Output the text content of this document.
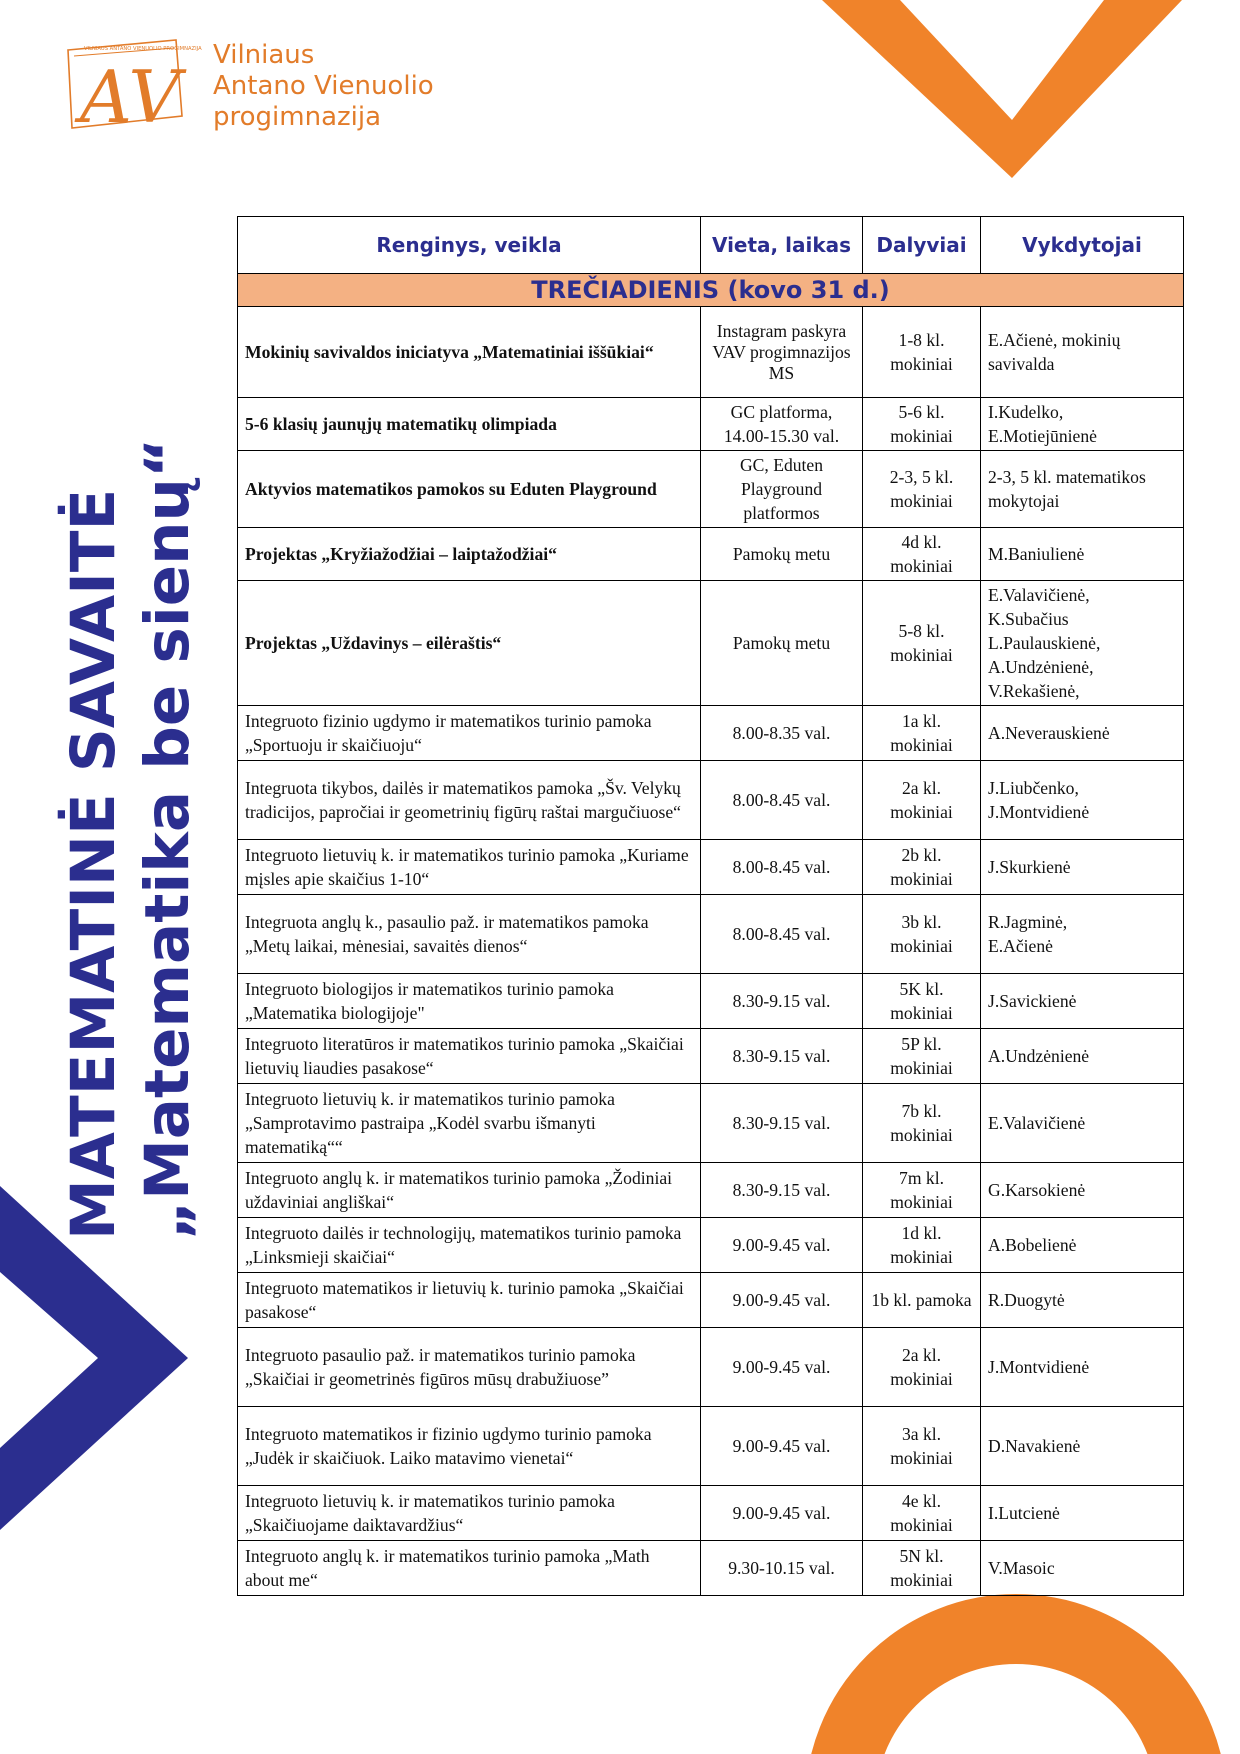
VILNIAUS ANTANO VIENUOLIO PROGIMNAZIJA
AV Vilniaus
Antano Vienuolio
progimnazija
MATEMATINĖ SAVAITĖ „Matematika be sienų“
Renginys, veikla	Vieta, laikas	Dalyviai	Vykdytojai
TREČIADIENIS (kovo 31 d.)			
Mokinių savivaldos iniciatyva „Matematiniai iššūkiai“	Instagram paskyra VAV progimnazijos MS	1-8 kl. mokiniai	E.Ačienė, mokinių savivalda
5-6 klasių jaunųjų matematikų olimpiada	GC platforma, 14.00-15.30 val.	5-6 kl. mokiniai	I.Kudelko, E.Motiejūnienė
Aktyvios matematikos pamokos su Eduten Playground	GC, Eduten Playground platformos	2-3, 5 kl. mokiniai	2-3, 5 kl. matematikos mokytojai
Projektas „Kryžiažodžiai – laiptažodžiai“	Pamokų metu	4d kl. mokiniai	M.Baniulienė
Projektas „Uždavinys – eilėraštis“	Pamokų metu	5-8 kl. mokiniai	E.Valavičienė,
K.Subačius
L.Paulauskienė,
A.Undzėnienė,
V.Rekašienė,
Integruoto fizinio ugdymo ir matematikos turinio pamoka „Sportuoju ir skaičiuoju“	8.00-8.35 val.	1a kl. mokiniai	A.Neverauskienė
Integruota tikybos, dailės ir matematikos pamoka „Šv. Velykų tradicijos, papročiai ir geometrinių figūrų raštai margučiuose“	8.00-8.45 val.	2a kl. mokiniai	J.Liubčenko,
J.Montvidienė
Integruoto lietuvių k. ir matematikos turinio pamoka „Kuriame mįsles apie skaičius 1-10“	8.00-8.45 val.	2b kl. mokiniai	J.Skurkienė
Integruota anglų k., pasaulio paž. ir matematikos pamoka „Metų laikai, mėnesiai, savaitės dienos“	8.00-8.45 val.	3b kl. mokiniai	R.Jagminė,
E.Ačienė
Integruoto biologijos ir matematikos turinio pamoka „Matematika biologijoje"	8.30-9.15 val.	5K kl. mokiniai	J.Savickienė
Integruoto literatūros ir matematikos turinio pamoka „Skaičiai lietuvių liaudies pasakose“	8.30-9.15 val.	5P kl. mokiniai	A.Undzėnienė
Integruoto lietuvių k. ir matematikos turinio pamoka „Samprotavimo pastraipa „Kodėl svarbu išmanyti matematiką““	8.30-9.15 val.	7b kl. mokiniai	E.Valavičienė
Integruoto anglų k. ir matematikos turinio pamoka „Žodiniai uždaviniai angliškai“	8.30-9.15 val.	7m kl. mokiniai	G.Karsokienė
Integruoto dailės ir technologijų, matematikos turinio pamoka „Linksmieji skaičiai“	9.00-9.45 val.	1d kl. mokiniai	A.Bobelienė
Integruoto matematikos ir lietuvių k. turinio pamoka „Skaičiai pasakose“	9.00-9.45 val.	1b kl. pamoka	R.Duogytė
Integruoto pasaulio paž. ir matematikos turinio pamoka „Skaičiai ir geometrinės figūros mūsų drabužiuose”	9.00-9.45 val.	2a kl. mokiniai	J.Montvidienė
Integruoto matematikos ir fizinio ugdymo turinio pamoka „Judėk ir skaičiuok. Laiko matavimo vienetai“	9.00-9.45 val.	3a kl. mokiniai	D.Navakienė
Integruoto lietuvių k. ir matematikos turinio pamoka „Skaičiuojame daiktavardžius“	9.00-9.45 val.	4e kl. mokiniai	I.Lutcienė
Integruoto anglų k. ir matematikos turinio pamoka „Math about me“	9.30-10.15 val.	5N kl. mokiniai	V.Masoic
